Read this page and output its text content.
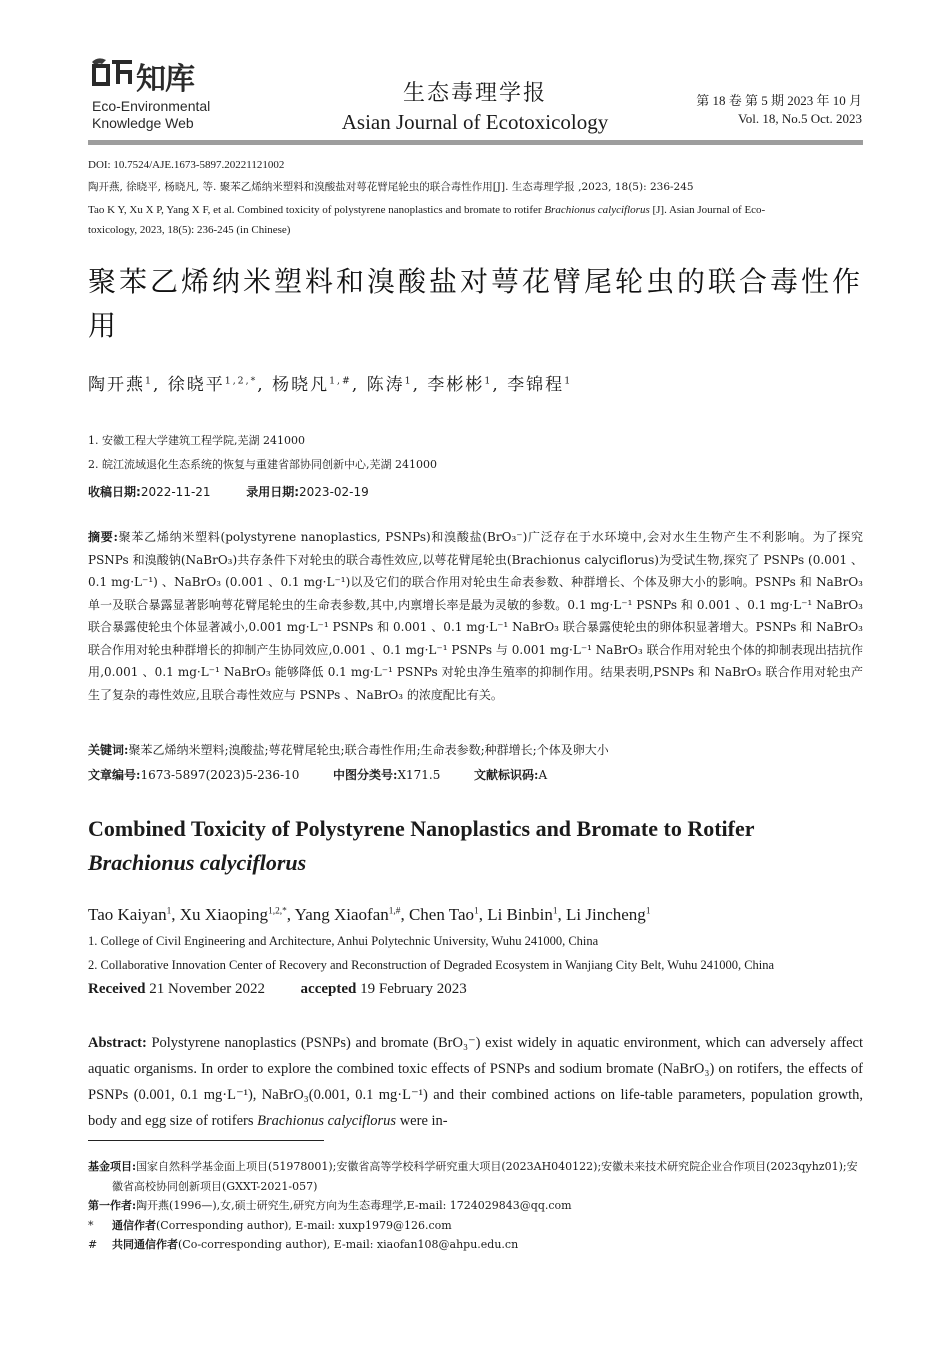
知库
Eco-Environmental
Knowledge Web
生态毒理学报
Asian Journal of Ecotoxicology
第 18 卷 第 5 期 2023 年 10 月
Vol. 18, No.5 Oct. 2023
DOI: 10.7524/AJE.1673-5897.20221121002
陶开燕, 徐晓平, 杨晓凡, 等. 聚苯乙烯纳米塑料和溴酸盐对萼花臂尾轮虫的联合毒性作用[J]. 生态毒理学报 ,2023, 18(5): 236-245
Tao K Y, Xu X P, Yang X F, et al. Combined toxicity of polystyrene nanoplastics and bromate to rotifer Brachionus calyciflorus [J]. Asian Journal of Eco-
toxicology, 2023, 18(5): 236-245 (in Chinese)
聚苯乙烯纳米塑料和溴酸盐对萼花臂尾轮虫的联合毒性作用
陶开燕$^1$, 徐晓平$^{1,2,*}$, 杨晓凡$^{1,\#}$, 陈涛$^1$, 李彬彬$^1$, 李锦程$^1$
1. 安徽工程大学建筑工程学院,芜湖 241000
2. 皖江流域退化生态系统的恢复与重建省部协同创新中心,芜湖 241000
收稿日期:2022-11-21	录用日期:2023-02-19
摘要:聚苯乙烯纳米塑料(polystyrene nanoplastics, PSNPs)和溴酸盐(BrO₃⁻)广泛存在于水环境中,会对水生生物产生不利影响。为了探究 PSNPs 和溴酸钠(NaBrO₃)共存条件下对轮虫的联合毒性效应,以萼花臂尾轮虫(Brachionus calyciflorus)为受试生物,探究了 PSNPs (0.001 、0.1 mg·L⁻¹) 、NaBrO₃ (0.001 、0.1 mg·L⁻¹)以及它们的联合作用对轮虫生命表参数、种群增长、个体及卵大小的影响。PSNPs 和 NaBrO₃ 单一及联合暴露显著影响萼花臂尾轮虫的生命表参数,其中,内禀增长率是最为灵敏的参数。0.1 mg·L⁻¹ PSNPs 和 0.001 、0.1 mg·L⁻¹ NaBrO₃ 联合暴露使轮虫个体显著减小,0.001 mg·L⁻¹ PSNPs 和 0.001 、0.1 mg·L⁻¹ NaBrO₃ 联合暴露使轮虫的卵体积显著增大。PSNPs 和 NaBrO₃ 联合作用对轮虫种群增长的抑制产生协同效应,0.001 、0.1 mg·L⁻¹ PSNPs 与 0.001 mg·L⁻¹ NaBrO₃ 联合作用对轮虫个体的抑制表现出拮抗作用,0.001 、0.1 mg·L⁻¹ NaBrO₃ 能够降低 0.1 mg·L⁻¹ PSNPs 对轮虫净生殖率的抑制作用。结果表明,PSNPs 和 NaBrO₃ 联合作用对轮虫产生了复杂的毒性效应,且联合毒性效应与 PSNPs 、NaBrO₃ 的浓度配比有关。
关键词:聚苯乙烯纳米塑料;溴酸盐;萼花臂尾轮虫;联合毒性作用;生命表参数;种群增长;个体及卵大小
文章编号:1673-5897(2023)5-236-10	中图分类号:X171.5	文献标识码:A
Combined Toxicity of Polystyrene Nanoplastics and Bromate to Rotifer
Brachionus calyciflorus
Tao Kaiyan$^1$, Xu Xiaoping$^{1,2,*}$, Yang Xiaofan$^{1,\#}$, Chen Tao$^1$, Li Binbin$^1$, Li Jincheng$^1$
1. College of Civil Engineering and Architecture, Anhui Polytechnic University, Wuhu 241000, China
2. Collaborative Innovation Center of Recovery and Reconstruction of Degraded Ecosystem in Wanjiang City Belt, Wuhu 241000, China
Received 21 November 2022 accepted 19 February 2023
Abstract: Polystyrene nanoplastics (PSNPs) and bromate (BrO₃⁻) exist widely in aquatic environment, which can adversely affect aquatic organisms. In order to explore the combined toxic effects of PSNPs and sodium bromate (NaBrO₃) on rotifers, the effects of PSNPs (0.001, 0.1 mg·L⁻¹), NaBrO₃(0.001, 0.1 mg·L⁻¹) and their combined actions on life-table parameters, population growth, body and egg size of rotifers Brachionus calyciflorus were in-
基金项目:国家自然科学基金面上项目(51978001);安徽省高等学校科学研究重大项目(2023AH040122);安徽未来技术研究院企业合作项目(2023qyhz01);安徽省高校协同创新项目(GXXT-2021-057)
第一作者:陶开燕(1996—),女,硕士研究生,研究方向为生态毒理学,E-mail: 1724029843@qq.com
* 通信作者(Corresponding author), E-mail: xuxp1979@126.com
# 共同通信作者(Co-corresponding author), E-mail: xiaofan108@ahpu.edu.cn
